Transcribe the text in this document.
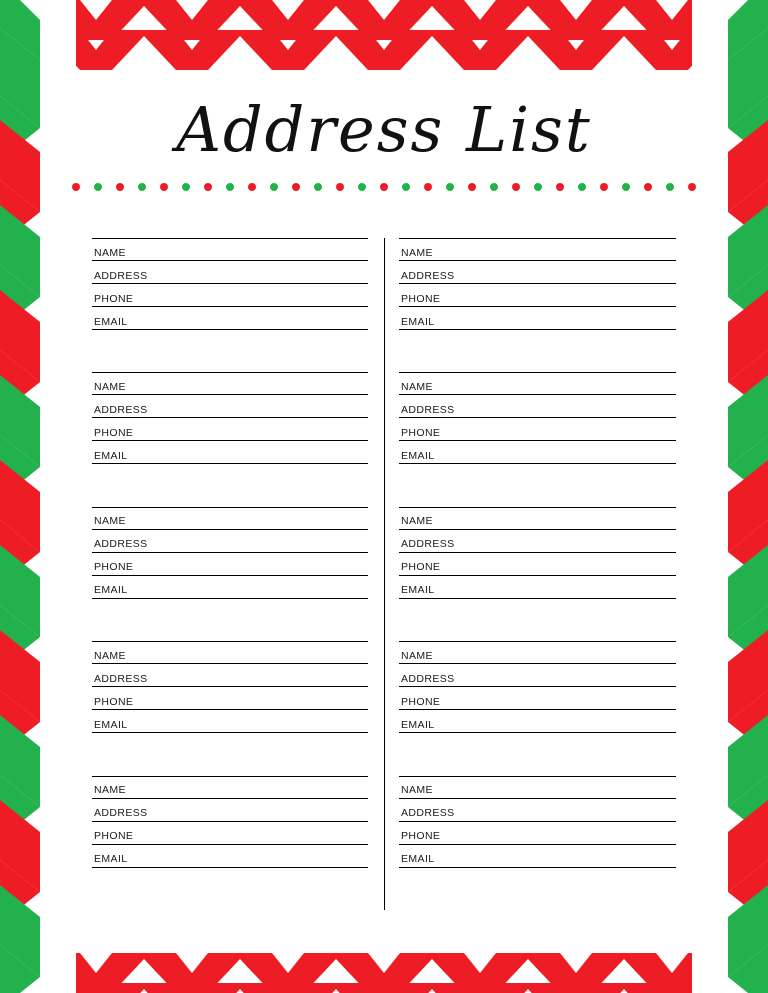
Address List
NAME
ADDRESS
PHONE
EMAIL
NAME
ADDRESS
PHONE
EMAIL
NAME
ADDRESS
PHONE
EMAIL
NAME
ADDRESS
PHONE
EMAIL
NAME
ADDRESS
PHONE
EMAIL
NAME
ADDRESS
PHONE
EMAIL
NAME
ADDRESS
PHONE
EMAIL
NAME
ADDRESS
PHONE
EMAIL
NAME
ADDRESS
PHONE
EMAIL
NAME
ADDRESS
PHONE
EMAIL
